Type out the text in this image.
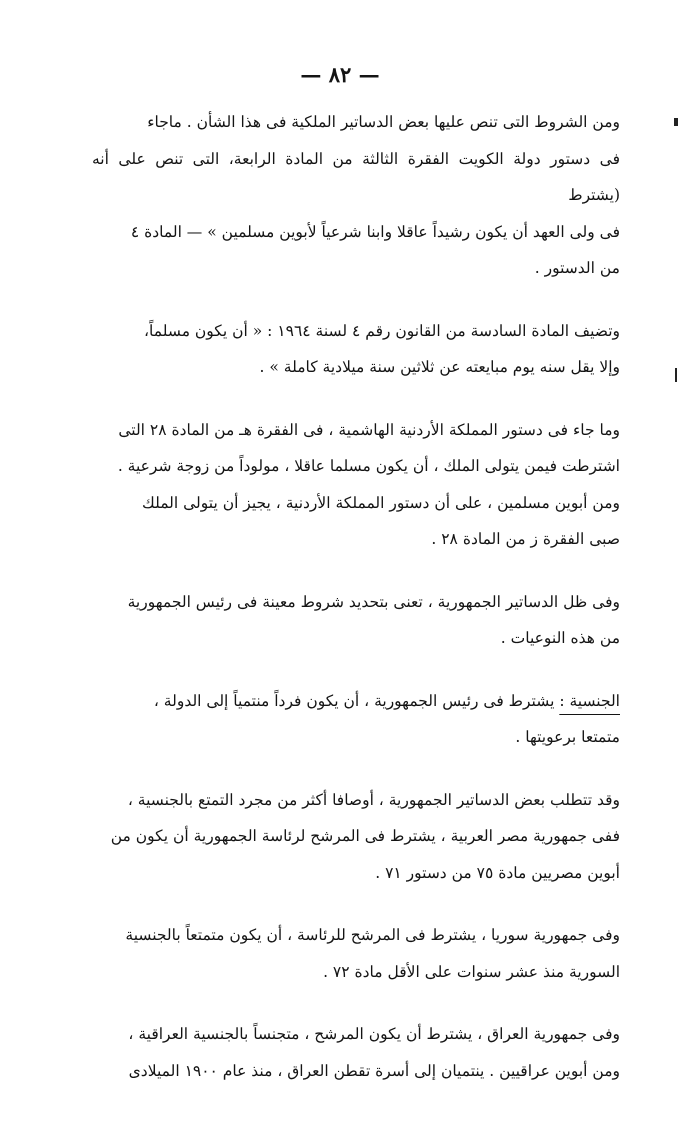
— ٨٢ —

ومن الشروط التى تنص عليها بعض الدساتير الملكية فى هذا الشأن . ماجاء
فى دستور دولة الكويت الفقرة الثالثة من المادة الرابعة، التى تنص على أنه (يشترط
فى ولى العهد أن يكون رشيداً عاقلا وابنا شرعياً لأبوين مسلمين » — المادة ٤
من الدستور .

وتضيف المادة السادسة من القانون رقم ٤ لسنة ١٩٦٤ : « أن يكون مسلماً،
وإلا يقل سنه يوم مبايعته عن ثلاثين سنة ميلادية كاملة » .

وما جاء فى دستور المملكة الأردنية الهاشمية ، فى الفقرة هـ من المادة ٢٨ التى
اشترطت فيمن يتولى الملك ، أن يكون مسلما عاقلا ، مولوداً من زوجة شرعية .
ومن أبوين مسلمين ، على أن دستور المملكة الأردنية ، يجيز أن يتولى الملك
صبى الفقرة ز من المادة ٢٨ .

وفى ظل الدساتير الجمهورية ، تعنى بتحديد شروط معينة فى رئيس الجمهورية
من هذه النوعيات .

الجنسية : يشترط فى رئيس الجمهورية ، أن يكون فرداً منتمياً إلى الدولة ،
متمتعا برعويتها .

وقد تتطلب بعض الدساتير الجمهورية ، أوصافا أكثر من مجرد التمتع بالجنسية ،
ففى جمهورية مصر العربية ، يشترط فى المرشح لرئاسة الجمهورية أن يكون من
أبوين مصريين مادة ٧٥ من دستور ٧١ .

وفى جمهورية سوريا ، يشترط فى المرشح للرئاسة ، أن يكون متمتعاً بالجنسية
السورية منذ عشر سنوات على الأقل مادة ٧٢ .

وفى جمهورية العراق ، يشترط أن يكون المرشح ، متجنساً بالجنسية العراقية ،
ومن أبوين عراقيين . ينتميان إلى أسرة تقطن العراق ، منذ عام ١٩٠٠ الميلادى
